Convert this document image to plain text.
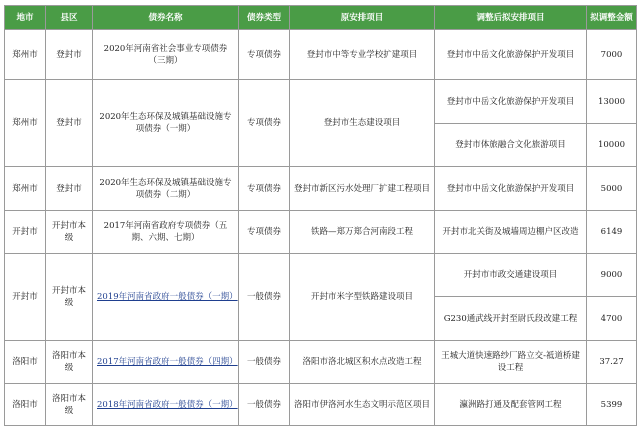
地市	县区	债券名称	债券类型	原安排项目	调整后拟安排项目	拟调整金额
郑州市	登封市	2020年河南省社会事业专项债券（三期）	专项债券	登封市中等专业学校扩建项目	登封市中岳文化旅游保护开发项目	7000
郑州市	登封市	2020年生态环保及城镇基础设施专项债券（一期）	专项债券	登封市生态建设项目	登封市中岳文化旅游保护开发项目	13000
					登封市体旅融合文化旅游项目	10000
郑州市	登封市	2020年生态环保及城镇基础设施专项债券（二期）	专项债券	登封市新区污水处理厂扩建工程项目	登封市中岳文化旅游保护开发项目	5000
开封市	开封市本级	2017年河南省政府专项债券（五期、六期、七期）	专项债券	铁路—郑万郑合河南段工程	开封市北关街及城墙周边棚户区改造	6149
开封市	开封市本级	2019年河南省政府一般债券（一期）	一般债券	开封市米字型铁路建设项目	开封市市政交通建设项目	9000
					G230通武线开封至尉氏段改建工程	4700
洛阳市	洛阳市本级	2017年河南省政府一般债券（四期）	一般债券	洛阳市洛北城区积水点改造工程	王城大道快速路纱厂路立交-祗道桥建设工程	37.27
洛阳市	洛阳市本级	2018年河南省政府一般债券（一期）	一般债券	洛阳市伊洛河水生态文明示范区项目	瀛洲路打通及配套管网工程	5399
